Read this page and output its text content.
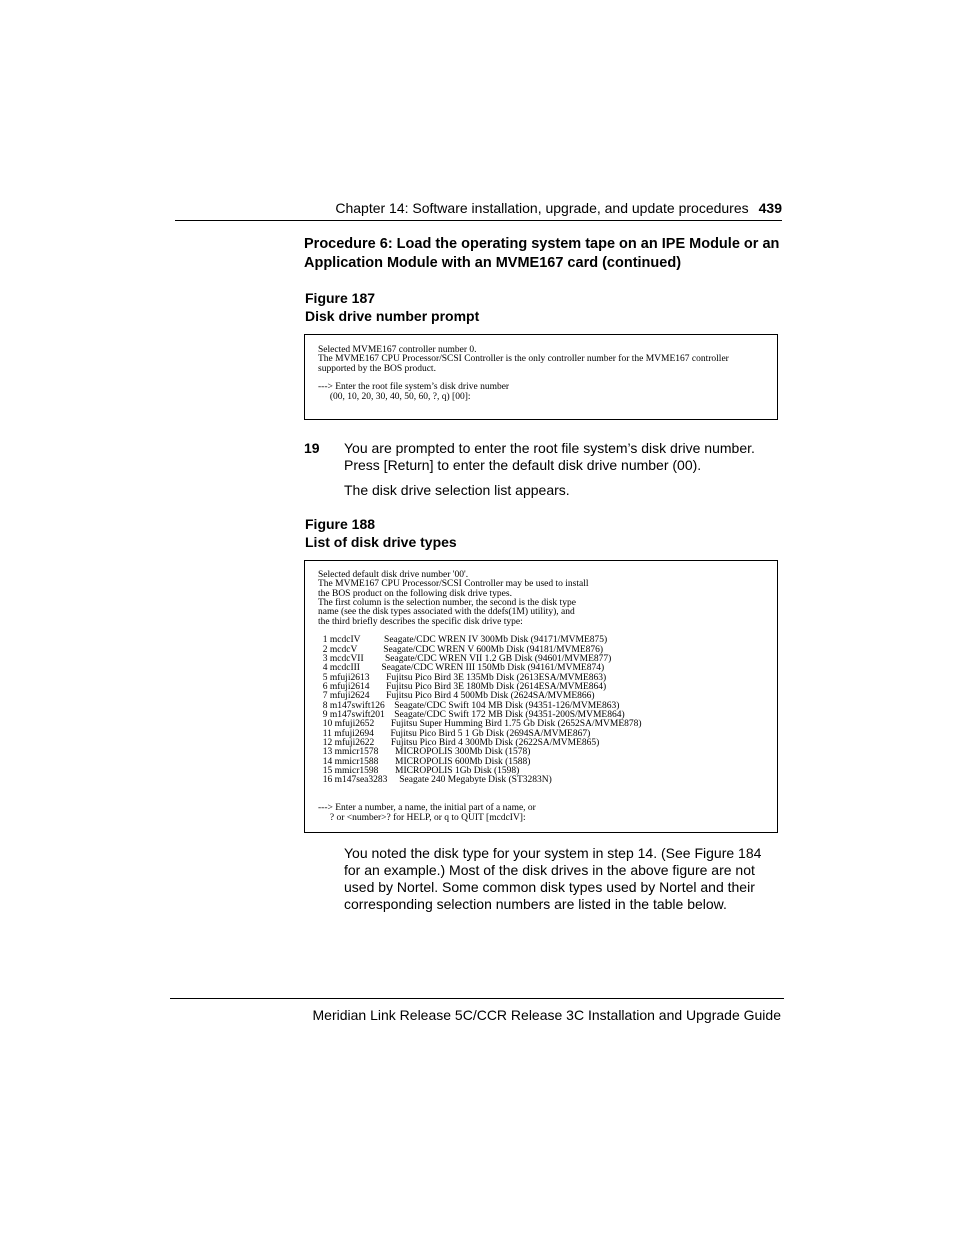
Chapter 14: Software installation, upgrade, and update procedures 439
Procedure 6: Load the operating system tape on an IPE Module or an Application Module with an MVME167 card (continued)
Figure 187
Disk drive number prompt
Selected MVME167 controller number 0.
The MVME167 CPU Processor/SCSI Controller is the only controller number for the MVME167 controller
supported by the BOS product.

---> Enter the root file system’s disk drive number
(00, 10, 20, 30, 40, 50, 60, ?, q) [00]:
19 You are prompted to enter the root file system’s disk drive number. Press [Return] to enter the default disk drive number (00).
The disk drive selection list appears.
Figure 188
List of disk drive types
Selected default disk drive number '00'.
The MVME167 CPU Processor/SCSI Controller may be used to install
the BOS product on the following disk drive types.
The first column is the selection number, the second is the disk type
name (see the disk types associated with the ddefs(1M) utility), and
the third briefly describes the specific disk drive type:

1 mcdcIV          Seagate/CDC WREN IV 300Mb Disk (94171/MVME875)
2 mcdcV           Seagate/CDC WREN V 600Mb Disk (94181/MVME876)
3 mcdcVII         Seagate/CDC WREN VII 1.2 GB Disk (94601/MVME877)
4 mcdcIII         Seagate/CDC WREN III 150Mb Disk (94161/MVME874)
5 mfuji2613       Fujitsu Pico Bird 3E 135Mb Disk (2613ESA/MVME863)
6 mfuji2614       Fujitsu Pico Bird 3E 180Mb Disk (2614ESA/MVME864)
7 mfuji2624       Fujitsu Pico Bird 4 500Mb Disk (2624SA/MVME866)
8 m147swift126    Seagate/CDC Swift 104 MB Disk (94351-126/MVME863)
9 m147swift201    Seagate/CDC Swift 172 MB Disk (94351-200S/MVME864)
10 mfuji2652       Fujitsu Super Humming Bird 1.75 Gb Disk (2652SA/MVME878)
11 mfuji2694       Fujitsu Pico Bird 5 1 Gb Disk (2694SA/MVME867)
12 mfuji2622       Fujitsu Pico Bird 4 300Mb Disk (2622SA/MVME865)
13 mmicr1578       MICROPOLIS 300Mb Disk (1578)
14 mmicr1588       MICROPOLIS 600Mb Disk (1588)
15 mmicr1598       MICROPOLIS 1Gb Disk (1598)
16 m147sea3283     Seagate 240 Megabyte Disk (ST3283N)

---> Enter a number, a name, the initial part of a name, or
? or <number>? for HELP, or q to QUIT [mcdcIV]:
You noted the disk type for your system in step 14. (See Figure 184 for an example.) Most of the disk drives in the above figure are not used by Nortel. Some common disk types used by Nortel and their corresponding selection numbers are listed in the table below.
Meridian Link Release 5C/CCR Release 3C Installation and Upgrade Guide
